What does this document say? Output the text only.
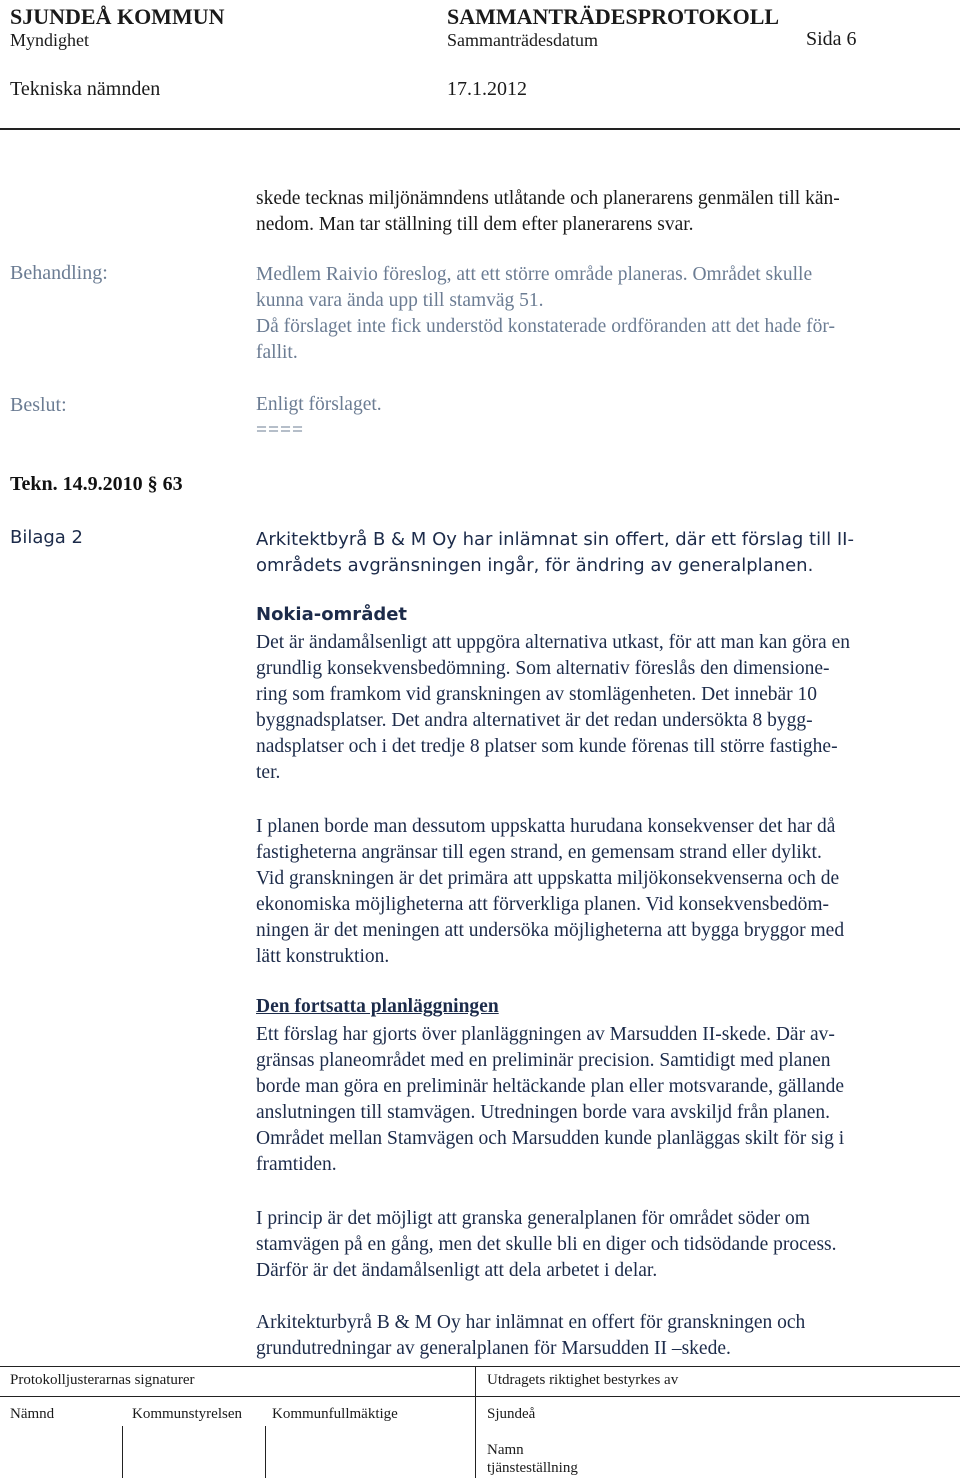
SJUNDEÅ KOMMUN	SAMMANTRÄDESPROTOKOLL
Myndighet	Sammanträdesdatum	Sida 6
Tekniska nämnden	17.1.2012
skede tecknas miljönämndens utlåtande och planerarens genmälen till kän-
nedom. Man tar ställning till dem efter planerarens svar.
Behandling:	Medlem Raivio föreslog, att ett större område planeras. Området skulle
kunna vara ända upp till stamväg 51.
Då förslaget inte fick understöd konstaterade ordföranden att det hade för-
fallit.
Beslut:	Enligt förslaget.
====
Tekn. 14.9.2010 § 63
Bilaga 2	Arkitektbyrå B & M Oy har inlämnat sin offert, där ett förslag till II-
områdets avgränsningen ingår, för ändring av generalplanen.
Nokia-området

Det är ändamålsenligt att uppgöra alternativa utkast, för att man kan göra en

grundlig konsekvensbedömning. Som alternativ föreslås den dimensione-

ring som framkom vid granskningen av stomlägenheten. Det innebär 10

byggnadsplatser. Det andra alternativet är det redan undersökta 8 bygg-

nadsplatser och i det tredje 8 platser som kunde förenas till större fastighe-

ter.

I planen borde man dessutom uppskatta hurudana konsekvenser det har då

fastigheterna angränsar till egen strand, en gemensam strand eller dylikt.

Vid granskningen är det primära att uppskatta miljökonsekvenserna och de

ekonomiska möjligheterna att förverkliga planen. Vid konsekvensbedöm-

ningen är det meningen att undersöka möjligheterna att bygga bryggor med

lätt konstruktion.

Den fortsatta planläggningen

Ett förslag har gjorts över planläggningen av Marsudden II-skede. Där av-

gränsas planeområdet med en preliminär precision. Samtidigt med planen

borde man göra en preliminär heltäckande plan eller motsvarande, gällande

anslutningen till stamvägen. Utredningen borde vara avskiljd från planen.

Området mellan Stamvägen och Marsudden kunde planläggas skilt för sig i

framtiden.

I princip är det möjligt att granska generalplanen för området söder om

stamvägen på en gång, men det skulle bli en diger och tidsödande process.

Därför är det ändamålsenligt att dela arbetet i delar.

Arkitekturbyrå B & M Oy har inlämnat en offert för granskningen och

grundutredningar av generalplanen för Marsudden II –skede.

Protokolljusterarnas signaturer	Utdragets riktighet bestyrkes av
Nämnd	Kommunstyrelsen Kommunfullmäktige	Sjundeå
Namn
tjänsteställning
